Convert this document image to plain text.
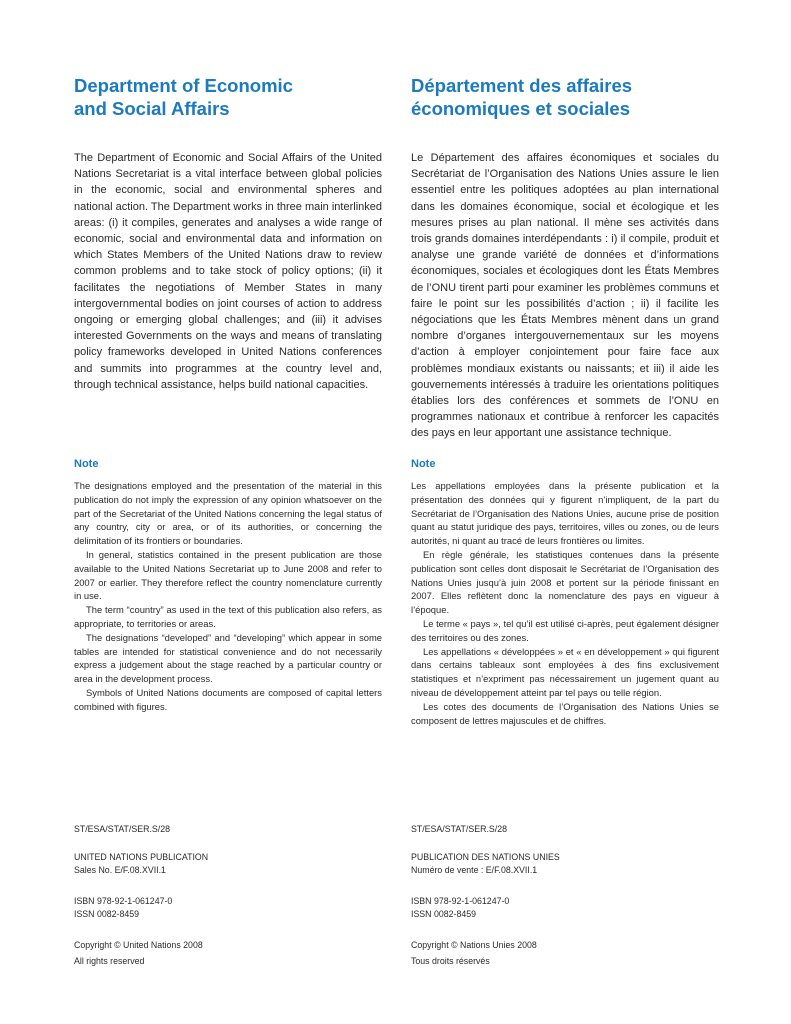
Department of Economic
and Social Affairs

The Department of Economic and Social Affairs of the United Nations Secretariat is a vital interface between global policies in the economic, social and environmental spheres and national action. The Department works in three main interlinked areas: (i) it compiles, generates and analyses a wide range of economic, social and environmental data and information on which States Members of the United Nations draw to review common problems and to take stock of policy options; (ii) it facilitates the negotiations of Member States in many intergovernmental bodies on joint courses of action to address ongoing or emerging global challenges; and (iii) it advises interested Governments on the ways and means of translating policy frameworks developed in United Nations conferences and summits into programmes at the country level and, through technical assistance, helps build national capacities.

Note

The designations employed and the presentation of the material in this publication do not imply the expression of any opinion whatsoever on the part of the Secretariat of the United Nations concerning the legal status of any country, city or area, or of its authorities, or concerning the delimitation of its frontiers or boundaries.

In general, statistics contained in the present publication are those available to the United Nations Secretariat up to June 2008 and refer to 2007 or earlier. They therefore reflect the country nomenclature currently in use.

The term “country” as used in the text of this publication also refers, as appropriate, to territories or areas.

The designations “developed” and “developing” which appear in some tables are intended for statistical convenience and do not necessarily express a judgement about the stage reached by a particular country or area in the development process.

Symbols of United Nations documents are composed of capital letters combined with figures.

ST/ESA/STAT/SER.S/28
UNITED NATIONS PUBLICATION
Sales No. E/F.08.XVII.1
ISBN 978-92-1-061247-0
ISSN 0082-8459
Copyright © United Nations 2008
All rights reserved
Département des affaires
économiques et sociales

Le Département des affaires économiques et sociales du Secrétariat de l’Organisation des Nations Unies assure le lien essentiel entre les politiques adoptées au plan international dans les domaines économique, social et écologique et les mesures prises au plan national. Il mène ses activités dans trois grands domaines interdépendants : i) il compile, produit et analyse une grande variété de données et d’informations économiques, sociales et écologiques dont les États Membres de l’ONU tirent parti pour examiner les problèmes communs et faire le point sur les possibilités d’action ; ii) il facilite les négociations que les États Membres mènent dans un grand nombre d’organes intergouvernementaux sur les moyens d’action à employer conjointement pour faire face aux problèmes mondiaux existants ou naissants; et iii) il aide les gouvernements intéressés à traduire les orientations politiques établies lors des conférences et sommets de l’ONU en programmes nationaux et contribue à renforcer les capacités des pays en leur apportant une assistance technique.

Note

Les appellations employées dans la présente publication et la présentation des données qui y figurent n’impliquent, de la part du Secrétariat de l’Organisation des Nations Unies, aucune prise de position quant au statut juridique des pays, territoires, villes ou zones, ou de leurs autorités, ni quant au tracé de leurs frontières ou limites.

En règle générale, les statistiques contenues dans la présente publication sont celles dont disposait le Secrétariat de l’Organisation des Nations Unies jusqu’à juin 2008 et portent sur la période finissant en 2007. Elles reflètent donc la nomenclature des pays en vigueur à l’époque.

Le terme « pays », tel qu’il est utilisé ci-après, peut également désigner des territoires ou des zones.

Les appellations « développées » et « en développement » qui figurent dans certains tableaux sont employées à des fins exclusivement statistiques et n’expriment pas nécessairement un jugement quant au niveau de développement atteint par tel pays ou telle région.

Les cotes des documents de l’Organisation des Nations Unies se composent de lettres majuscules et de chiffres.

ST/ESA/STAT/SER.S/28
PUBLICATION DES NATIONS UNIES
Numéro de vente : E/F.08.XVII.1
ISBN 978-92-1-061247-0
ISSN 0082-8459
Copyright © Nations Unies 2008
Tous droits réservés
